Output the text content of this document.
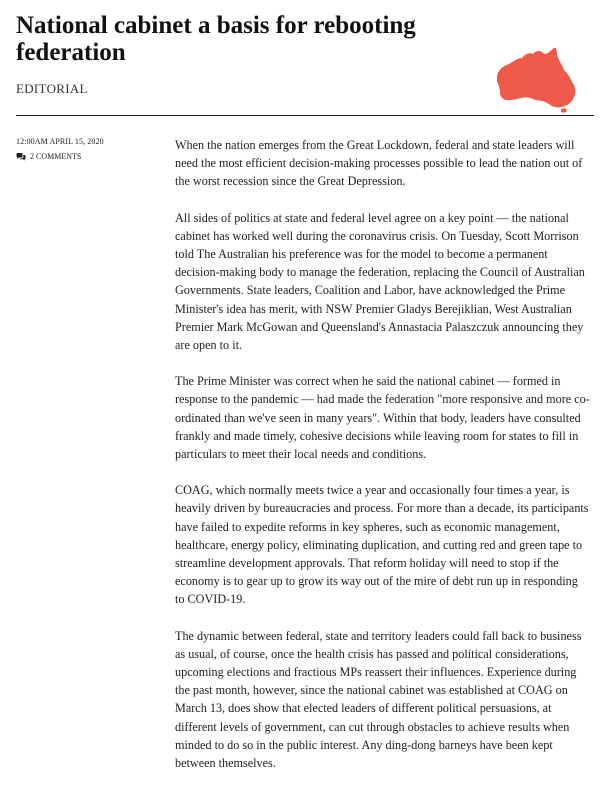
National cabinet a basis for rebooting federation
EDITORIAL
12:00AM APRIL 15, 2020
2 COMMENTS

When the nation emerges from the Great Lockdown, federal and state leaders will need the most efficient decision-making processes possible to lead the nation out of the worst recession since the Great Depression.

All sides of politics at state and federal level agree on a key point — the national cabinet has worked well during the coronavirus crisis. On Tuesday, Scott Morrison told The Australian his preference was for the model to become a permanent decision-making body to manage the federation, replacing the Council of Australian Governments. State leaders, Coalition and Labor, have acknowledged the Prime Minister's idea has merit, with NSW Premier Gladys Berejiklian, West Australian Premier Mark McGowan and Queensland's Annastacia Palaszczuk announcing they are open to it.

The Prime Minister was correct when he said the national cabinet — formed in response to the pandemic — had made the federation "more responsive and more co-ordinated than we've seen in many years". Within that body, leaders have consulted frankly and made timely, cohesive decisions while leaving room for states to fill in particulars to meet their local needs and conditions.

COAG, which normally meets twice a year and occasionally four times a year, is heavily driven by bureaucracies and process. For more than a decade, its participants have failed to expedite reforms in key spheres, such as economic management, healthcare, energy policy, eliminating duplication, and cutting red and green tape to streamline development approvals. That reform holiday will need to stop if the economy is to gear up to grow its way out of the mire of debt run up in responding to COVID-19.

The dynamic between federal, state and territory leaders could fall back to business as usual, of course, once the health crisis has passed and political considerations, upcoming elections and fractious MPs reassert their influences. Experience during the past month, however, since the national cabinet was established at COAG on March 13, does show that elected leaders of different political persuasions, at different levels of government, can cut through obstacles to achieve results when minded to do so in the public interest. Any ding-dong barneys have been kept between themselves.
